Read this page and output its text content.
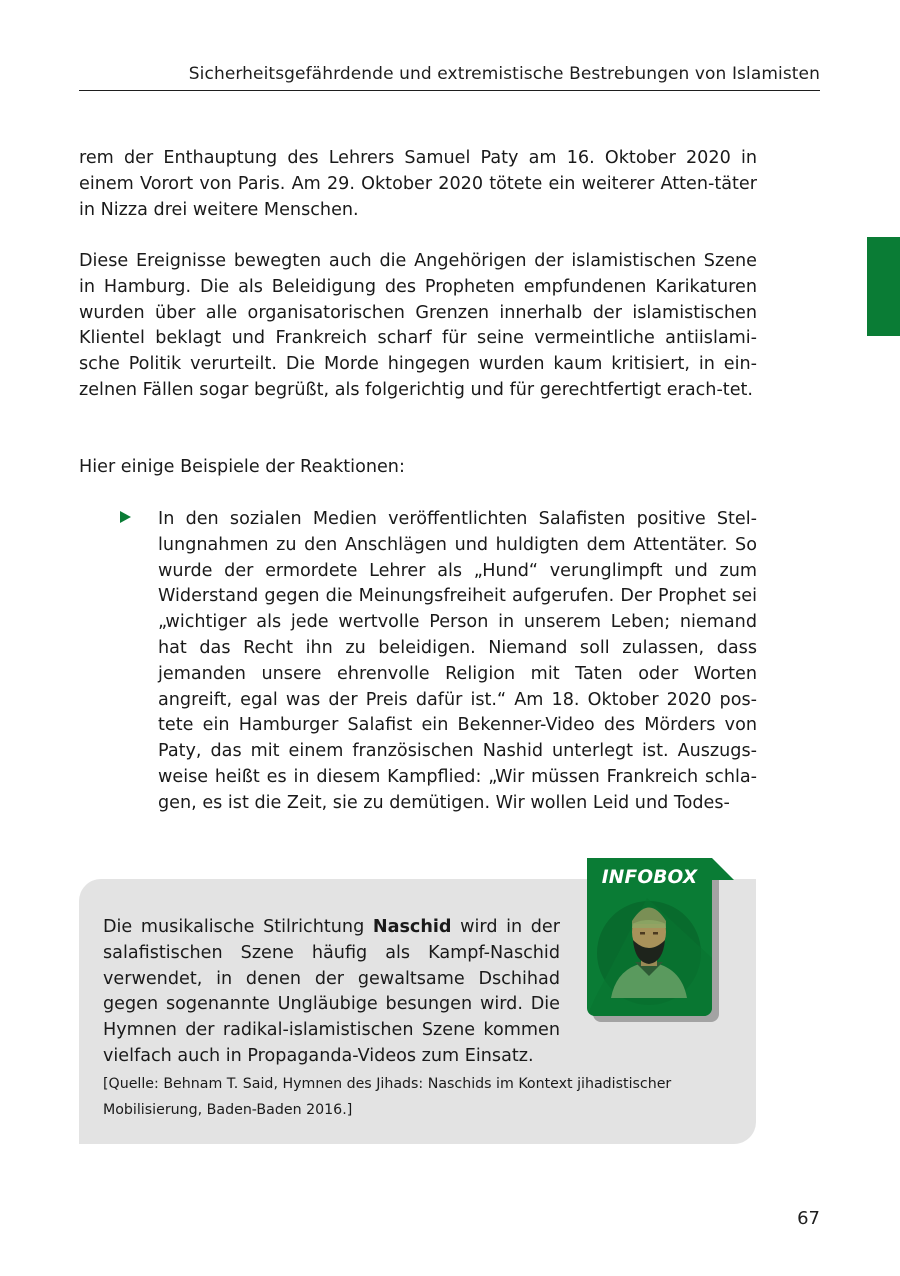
Sicherheitsgefährdende und extremistische Bestrebungen von Islamisten

rem der Enthauptung des Lehrers Samuel Paty am 16. Oktober 2020 in einem Vorort von Paris. Am 29. Oktober 2020 tötete ein weiterer Atten-täter in Nizza drei weitere Menschen.

Diese Ereignisse bewegten auch die Angehörigen der islamistischen Szene in Hamburg. Die als Beleidigung des Propheten empfundenen Karikaturen wurden über alle organisatorischen Grenzen innerhalb der islamistischen Klientel beklagt und Frankreich scharf für seine vermeintliche antiislami-sche Politik verurteilt. Die Morde hingegen wurden kaum kritisiert, in ein-zelnen Fällen sogar begrüßt, als folgerichtig und für gerechtfertigt erach-tet.

Hier einige Beispiele der Reaktionen:

In den sozialen Medien veröffentlichten Salafisten positive Stel-lungnahmen zu den Anschlägen und huldigten dem Attentäter. So wurde der ermordete Lehrer als „Hund“ verunglimpft und zum Widerstand gegen die Meinungsfreiheit aufgerufen. Der Prophet sei „wichtiger als jede wertvolle Person in unserem Leben; niemand hat das Recht ihn zu beleidigen. Niemand soll zulassen, dass jemanden unsere ehrenvolle Religion mit Taten oder Worten angreift, egal was der Preis dafür ist.“ Am 18. Oktober 2020 pos-tete ein Hamburger Salafist ein Bekenner-Video des Mörders von Paty, das mit einem französischen Nashid unterlegt ist. Auszugs-weise heißt es in diesem Kampflied: „Wir müssen Frankreich schla-gen, es ist die Zeit, sie zu demütigen. Wir wollen Leid und Todes-

Die musikalische Stilrichtung Naschid wird in der salafistischen Szene häufig als Kampf-Naschid verwendet, in denen der gewaltsame Dschihad gegen sogenannte Ungläubige besungen wird. Die Hymnen der radikal-islamistischen Szene kommen vielfach auch in Propaganda-Videos zum Einsatz.

[Quelle: Behnam T. Said, Hymnen des Jihads: Naschids im Kontext jihadistischer Mobilisierung, Baden-Baden 2016.]

INFOBOX
67
